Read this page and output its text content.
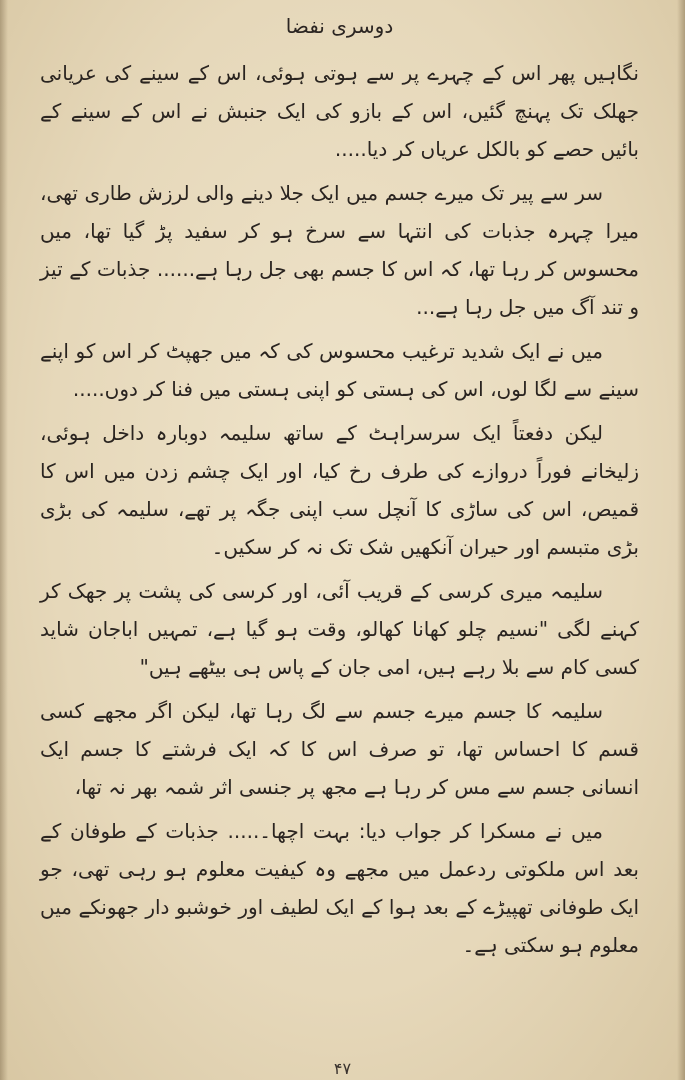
دوسری نفضا

نگاہیں پھر اس کے چہرے پر سے ہوتی ہوئی، اس کے سینے کی عریانی جھلک تک پہنچ گئیں، اس کے بازو کی ایک جنبش نے اس کے سینے کے بائیں حصے کو بالکل عریاں کر دیا.....

سر سے پیر تک میرے جسم میں ایک جلا دینے والی لرزش طاری تھی، میرا چہرہ جذبات کی انتہا سے سرخ ہو کر سفید پڑ گیا تھا، میں محسوس کر رہا تھا، کہ اس کا جسم بھی جل رہا ہے...... جذبات کے تیز و تند آگ میں جل رہا ہے...

میں نے ایک شدید ترغیب محسوس کی کہ میں جھپٹ کر اس کو اپنے سینے سے لگا لوں، اس کی ہستی کو اپنی ہستی میں فنا کر دوں.....

لیکن دفعتاً ایک سرسراہٹ کے ساتھ سلیمہ دوبارہ داخل ہوئی، زلیخانے فوراً دروازے کی طرف رخ کیا، اور ایک چشم زدن میں اس کا قمیص، اس کی ساڑی کا آنچل سب اپنی جگہ پر تھے، سلیمہ کی بڑی بڑی متبسم اور حیران آنکھیں شک تک نہ کر سکیں۔

سلیمہ میری کرسی کے قریب آئی، اور کرسی کی پشت پر جھک کر کہنے لگی "نسیم چلو کھانا کھالو، وقت ہو گیا ہے، تمہیں اباجان شاید کسی کام سے بلا رہے ہیں، امی جان کے پاس ہی بیٹھے ہیں"

سلیمہ کا جسم میرے جسم سے لگ رہا تھا، لیکن اگر مجھے کسی قسم کا احساس تھا، تو صرف اس کا کہ ایک فرشتے کا جسم ایک انسانی جسم سے مس کر رہا ہے مجھ پر جنسی اثر شمہ بھر نہ تھا،

میں نے مسکرا کر جواب دیا: بہت اچھا۔..... جذبات کے طوفان کے بعد اس ملکوتی ردعمل میں مجھے وہ کیفیت معلوم ہو رہی تھی، جو ایک طوفانی تھپیڑے کے بعد ہوا کے ایک لطیف اور خوشبو دار جھونکے میں معلوم ہو سکتی ہے۔

۴۷
